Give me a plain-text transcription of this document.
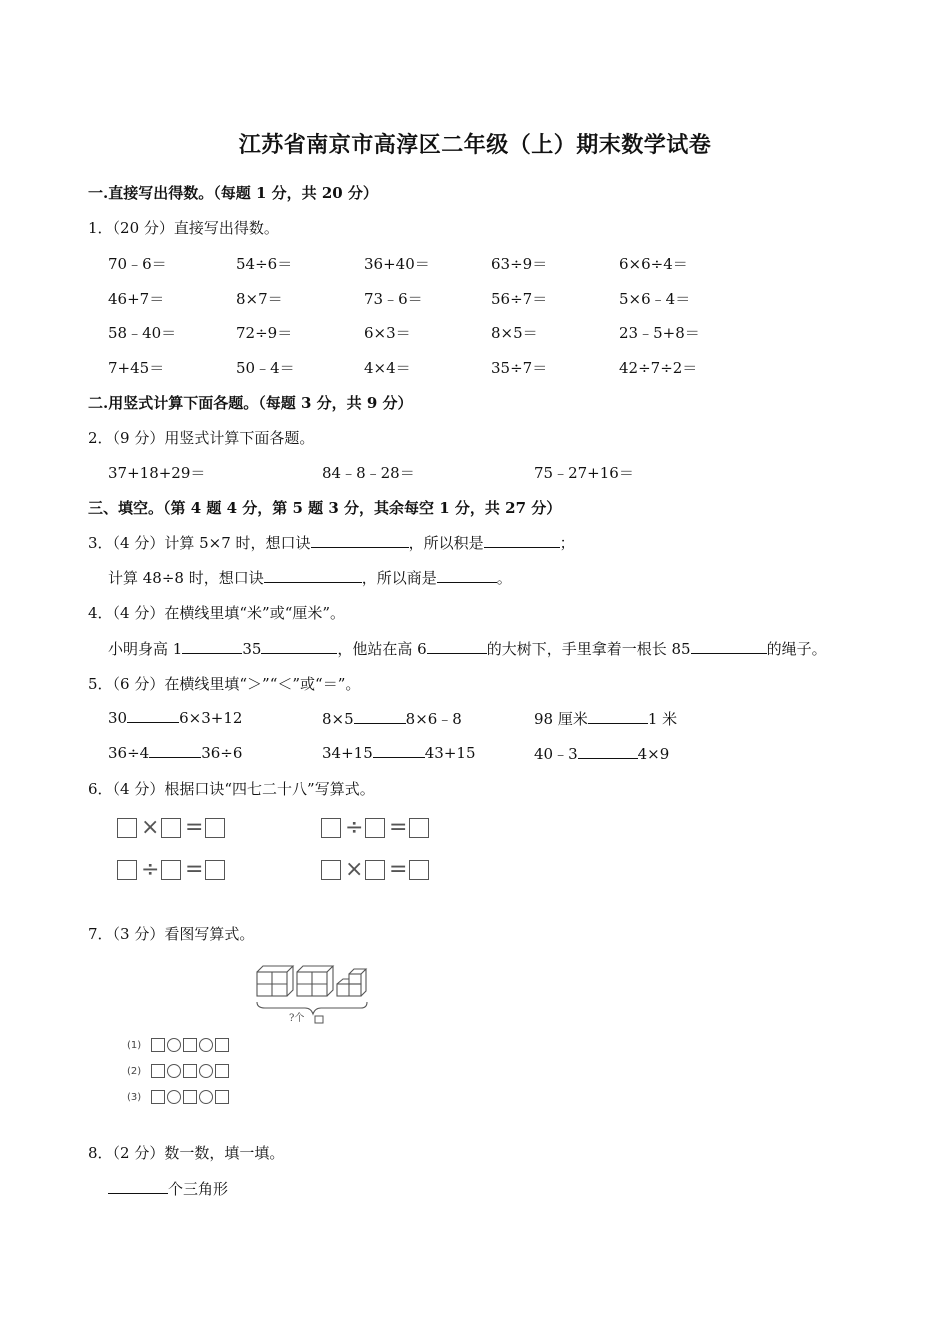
江苏省南京市高淳区二年级（上）期末数学试卷
一.直接写出得数。（每题 1 分，共 20 分）
1．（20 分）直接写出得数。
70﹣6＝	54÷6＝	36+40＝	63÷9＝	6×6÷4＝
46+7＝	8×7＝	73﹣6＝	56÷7＝	5×6﹣4＝
58﹣40＝	72÷9＝	6×3＝	8×5＝	23﹣5+8＝
7+45＝	50﹣4＝	4×4＝	35÷7＝	42÷7÷2＝
二.用竖式计算下面各题。（每题 3 分，共 9 分）
2．（9 分）用竖式计算下面各题。
37+18+29＝	84﹣8﹣28＝	75﹣27+16＝
三、填空。（第 4 题 4 分，第 5 题 3 分，其余每空 1 分，共 27 分）
3．（4 分）计算 5×7 时，想口诀	，所以积是	；
计算 48÷8 时，想口诀	，所以商是	。
4．（4 分）在横线里填“米”或“厘米”。
小明身高 1	35	，他站在高 6	的大树下，手里拿着一根长 85	的绳子。
5．（6 分）在横线里填“＞”“＜”或“＝”。
30	6×3+12	8×5	8×6﹣8	98 厘米	1 米
36÷4	36÷6	34+15	43+15	40﹣3	4×9
6．（4 分）根据口诀“四七二十八”写算式。
× =	÷ =
÷ =	× =
7．（3 分）看图写算式。
?个
(1)
(2)
(3)
8．（2 分）数一数，填一填。
个三角形
